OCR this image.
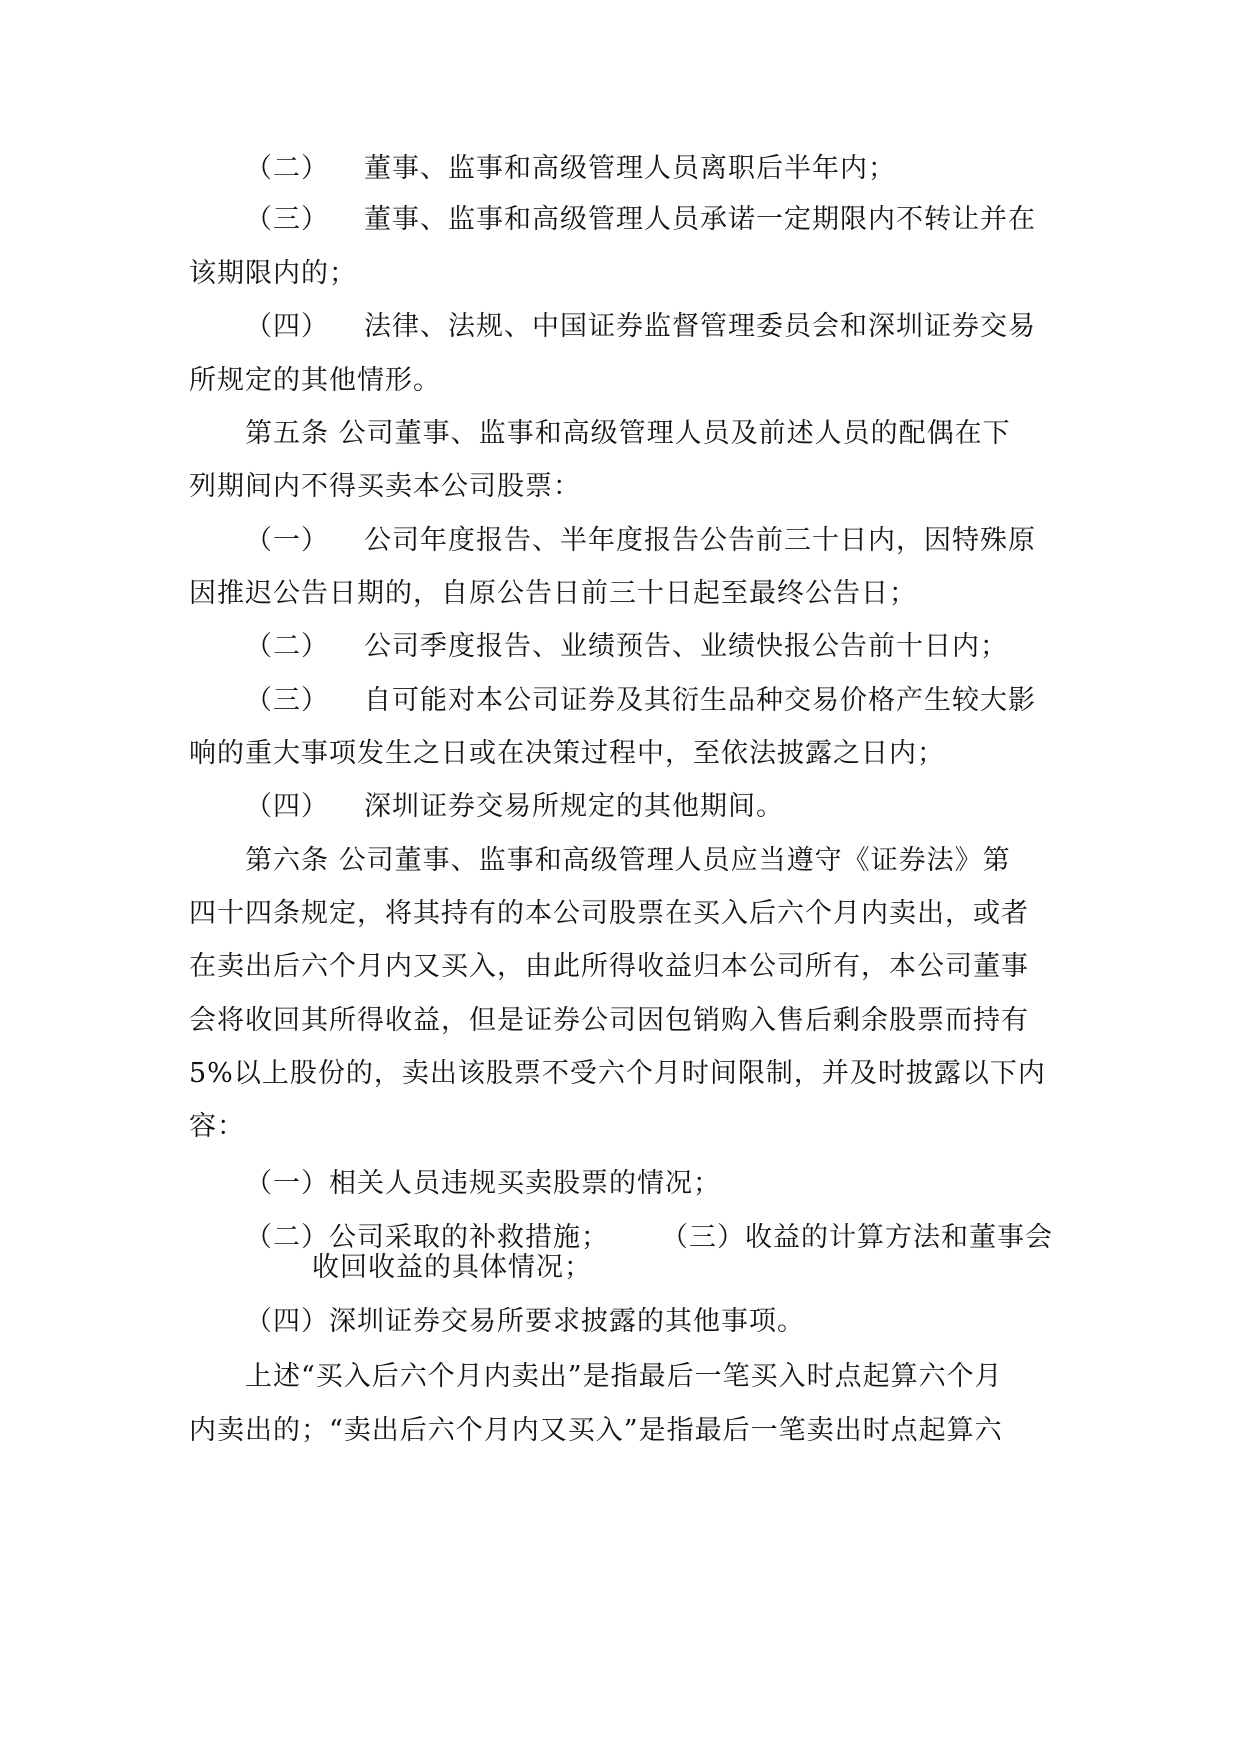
（二） 董事、监事和高级管理人员离职后半年内；
（三） 董事、监事和高级管理人员承诺一定期限内不转让并在
该期限内的；
（四） 法律、法规、中国证券监督管理委员会和深圳证券交易
所规定的其他情形。
第五条 公司董事、监事和高级管理人员及前述人员的配偶在下
列期间内不得买卖本公司股票：
（一） 公司年度报告、半年度报告公告前三十日内，因特殊原
因推迟公告日期的，自原公告日前三十日起至最终公告日；
（二） 公司季度报告、业绩预告、业绩快报公告前十日内；
（三） 自可能对本公司证券及其衍生品种交易价格产生较大影
响的重大事项发生之日或在决策过程中，至依法披露之日内；
（四） 深圳证券交易所规定的其他期间。
第六条 公司董事、监事和高级管理人员应当遵守《证券法》第
四十四条规定，将其持有的本公司股票在买入后六个月内卖出，或者
在卖出后六个月内又买入，由此所得收益归本公司所有，本公司董事
会将收回其所得收益，但是证券公司因包销购入售后剩余股票而持有
5%以上股份的，卖出该股票不受六个月时间限制，并及时披露以下内
容：
（一）相关人员违规买卖股票的情况；
（二）公司采取的补救措施； （三）收益的计算方法和董事会
收回收益的具体情况；
（四）深圳证券交易所要求披露的其他事项。
上述“买入后六个月内卖出”是指最后一笔买入时点起算六个月
内卖出的；“卖出后六个月内又买入”是指最后一笔卖出时点起算六
